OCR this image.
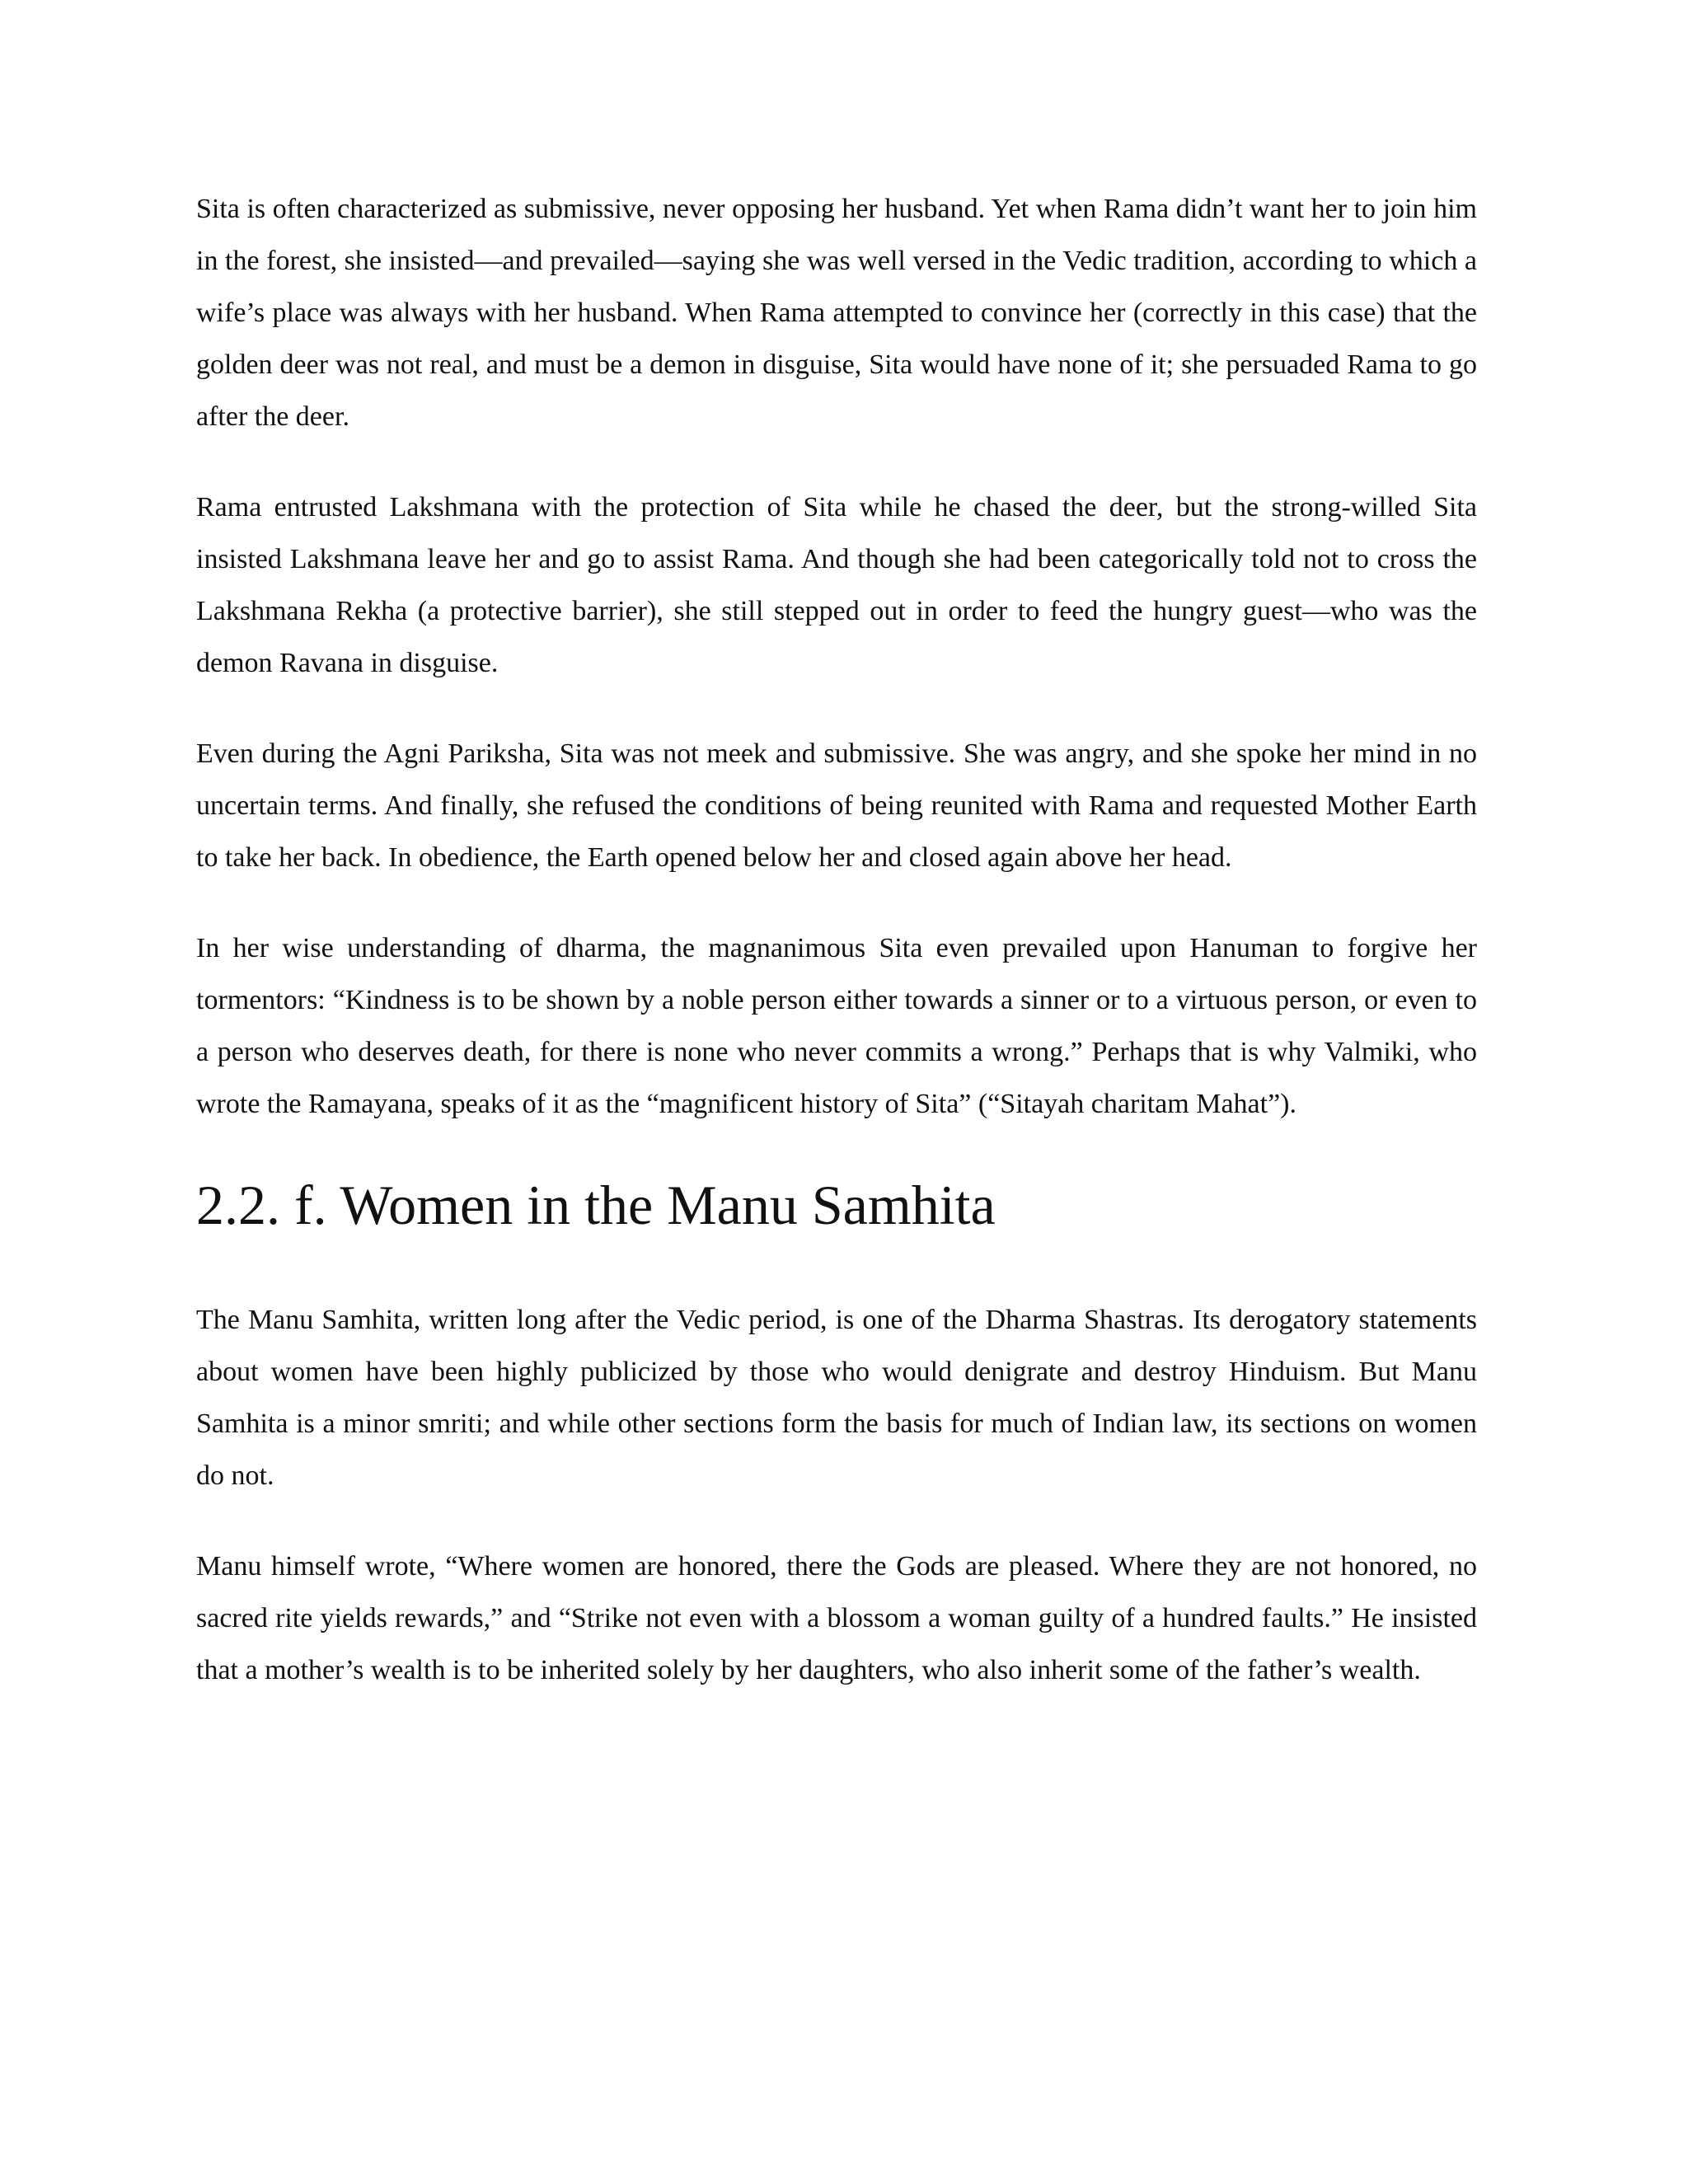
Sita is often characterized as submissive, never opposing her husband. Yet when Rama didn’t want her to join him in the forest, she insisted—and prevailed—saying she was well versed in the Vedic tradition, according to which a wife’s place was always with her husband. When Rama attempted to convince her (correctly in this case) that the golden deer was not real, and must be a demon in disguise, Sita would have none of it; she persuaded Rama to go after the deer.

Rama entrusted Lakshmana with the protection of Sita while he chased the deer, but the strong-willed Sita insisted Lakshmana leave her and go to assist Rama. And though she had been categorically told not to cross the Lakshmana Rekha (a protective barrier), she still stepped out in order to feed the hungry guest—who was the demon Ravana in disguise.

Even during the Agni Pariksha, Sita was not meek and submissive. She was angry, and she spoke her mind in no uncertain terms. And finally, she refused the conditions of being reunited with Rama and requested Mother Earth to take her back. In obedience, the Earth opened below her and closed again above her head.

In her wise understanding of dharma, the magnanimous Sita even prevailed upon Hanuman to forgive her tormentors: “Kindness is to be shown by a noble person either towards a sinner or to a virtuous person, or even to a person who deserves death, for there is none who never commits a wrong.” Perhaps that is why Valmiki, who wrote the Ramayana, speaks of it as the “magnificent history of Sita” (“Sitayah charitam Mahat”).

2.2. f. Women in the Manu Samhita

The Manu Samhita, written long after the Vedic period, is one of the Dharma Shastras. Its derogatory statements about women have been highly publicized by those who would denigrate and destroy Hinduism. But Manu Samhita is a minor smriti; and while other sections form the basis for much of Indian law, its sections on women do not.

Manu himself wrote, “Where women are honored, there the Gods are pleased. Where they are not honored, no sacred rite yields rewards,” and “Strike not even with a blossom a woman guilty of a hundred faults.” He insisted that a mother’s wealth is to be inherited solely by her daughters, who also inherit some of the father’s wealth.
